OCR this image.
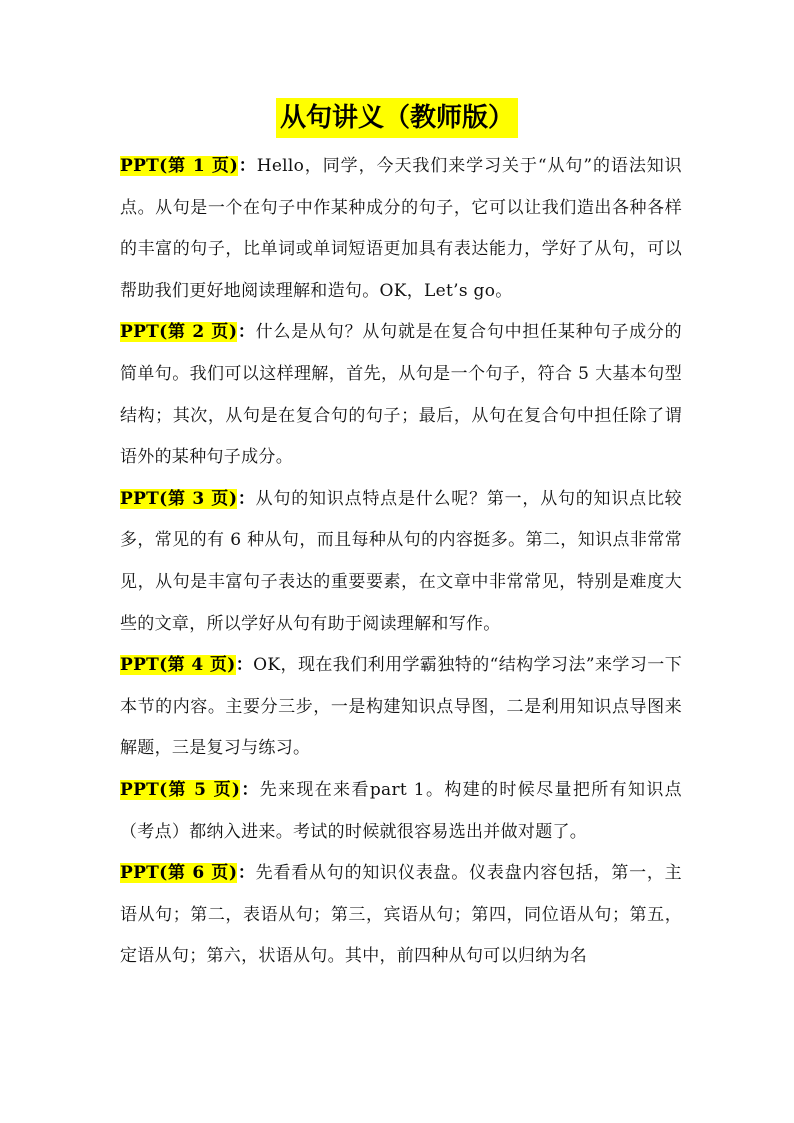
从句讲义（教师版）

PPT(第 1 页)：Hello，同学，今天我们来学习关于“从句”的语法知识点。从句是一个在句子中作某种成分的句子，它可以让我们造出各种各样的丰富的句子，比单词或单词短语更加具有表达能力，学好了从句，可以帮助我们更好地阅读理解和造句。OK，Let’s go。

PPT(第 2 页)：什么是从句？从句就是在复合句中担任某种句子成分的简单句。我们可以这样理解，首先，从句是一个句子，符合 5 大基本句型结构；其次，从句是在复合句的句子；最后，从句在复合句中担任除了谓语外的某种句子成分。

PPT(第 3 页)：从句的知识点特点是什么呢？第一，从句的知识点比较多，常见的有 6 种从句，而且每种从句的内容挺多。第二，知识点非常常见，从句是丰富句子表达的重要要素，在文章中非常常见，特别是难度大些的文章，所以学好从句有助于阅读理解和写作。

PPT(第 4 页)：OK，现在我们利用学霸独特的“结构学习法”来学习一下本节的内容。主要分三步，一是构建知识点导图，二是利用知识点导图来解题，三是复习与练习。

PPT(第 5 页)：先来现在来看part 1。构建的时候尽量把所有知识点（考点）都纳入进来。考试的时候就很容易选出并做对题了。

PPT(第 6 页)：先看看从句的知识仪表盘。仪表盘内容包括，第一，主语从句；第二，表语从句；第三，宾语从句；第四，同位语从句；第五，定语从句；第六，状语从句。其中，前四种从句可以归纳为名
